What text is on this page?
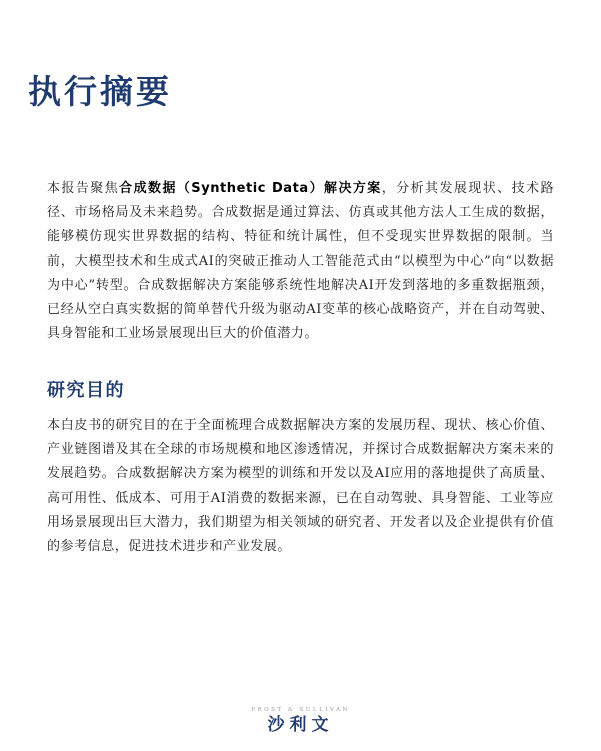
执行摘要

本报告聚焦合成数据（Synthetic Data）解决方案，分析其发展现状、技术路径、市场格局及未来趋势。合成数据是通过算法、仿真或其他方法人工生成的数据，能够模仿现实世界数据的结构、特征和统计属性，但不受现实世界数据的限制。当前，大模型技术和生成式AI的突破正推动人工智能范式由“以模型为中心”向“以数据为中心”转型。合成数据解决方案能够系统性地解决AI开发到落地的多重数据瓶颈，已经从空白真实数据的简单替代升级为驱动AI变革的核心战略资产，并在自动驾驶、具身智能和工业场景展现出巨大的价值潜力。

研究目的

本白皮书的研究目的在于全面梳理合成数据解决方案的发展历程、现状、核心价值、产业链图谱及其在全球的市场规模和地区渗透情况，并探讨合成数据解决方案未来的发展趋势。合成数据解决方案为模型的训练和开发以及AI应用的落地提供了高质量、高可用性、低成本、可用于AI消费的数据来源，已在自动驾驶、具身智能、工业等应用场景展现出巨大潜力，我们期望为相关领域的研究者、开发者以及企业提供有价值的参考信息，促进技术进步和产业发展。

FROST & SULLIVAN
沙利文
